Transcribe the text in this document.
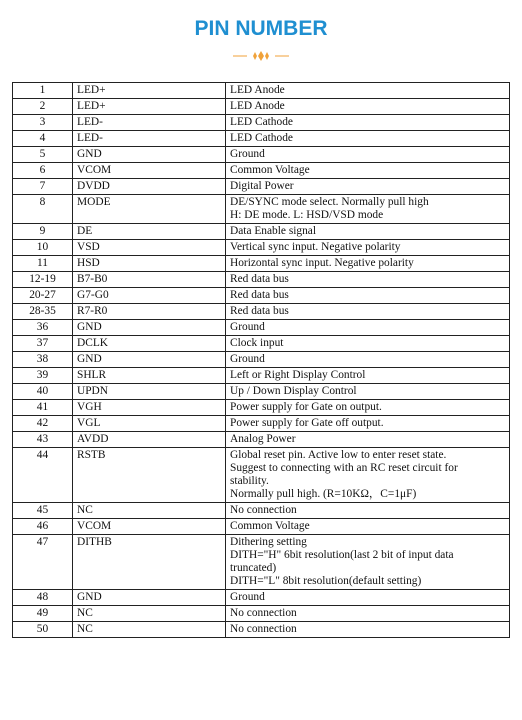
PIN NUMBER
1	LED+	LED Anode

2	LED+	LED Anode

3	LED-	LED Cathode

4	LED-	LED Cathode

5	GND	Ground

6	VCOM	Common Voltage

7	DVDD	Digital Power

8	MODE	DE/SYNC mode select. Normally pull high
H: DE mode. L: HSD/VSD mode

9	DE	Data Enable signal

10	VSD	Vertical sync input. Negative polarity

11	HSD	Horizontal sync input. Negative polarity

12-19	B7-B0	Red data bus

20-27	G7-G0	Red data bus

28-35	R7-R0	Red data bus

36	GND	Ground

37	DCLK	Clock input

38	GND	Ground

39	SHLR	Left or Right Display Control

40	UPDN	Up / Down Display Control

41	VGH	Power supply for Gate on output.

42	VGL	Power supply for Gate off output.

43	AVDD	Analog Power

44	RSTB	Global reset pin. Active low to enter reset state.
Suggest to connecting with an RC reset circuit for
stability.
Normally pull high. (R=10KΩ，C=1μF)

45	NC	No connection

46	VCOM	Common Voltage

47	DITHB	Dithering setting
DITH="H" 6bit resolution(last 2 bit of input data
truncated)
DITH="L" 8bit resolution(default setting)

48	GND	Ground

49	NC	No connection

50	NC	No connection
